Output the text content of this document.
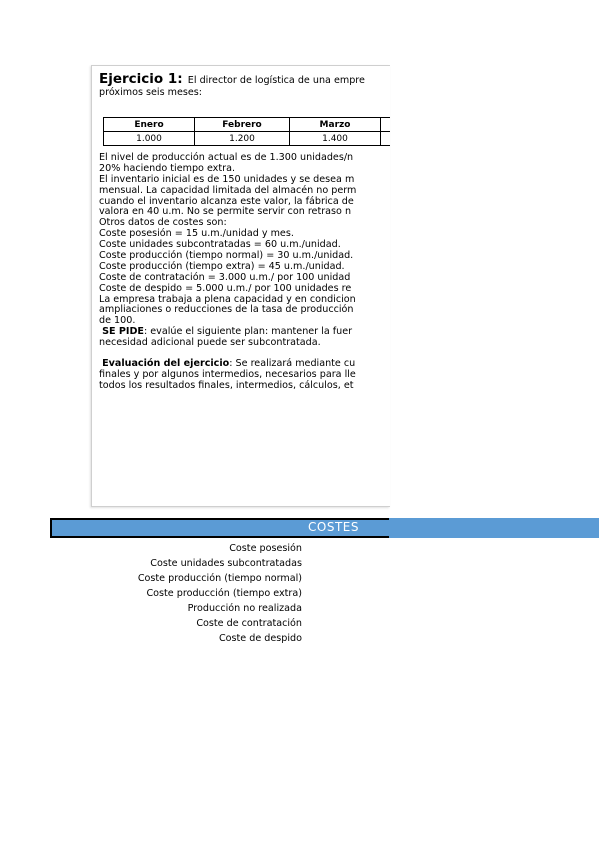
Ejercicio 1: El director de logística de una empre
próximos seis meses:
Enero	Febrero	Marzo	
1.000	1.200	1.400	
El nivel de producción actual es de 1.300 unidades/n
20% haciendo tiempo extra.
El inventario inicial es de 150 unidades y se desea m
mensual. La capacidad limitada del almacén no perm
cuando el inventario alcanza este valor, la fábrica de
valora en 40 u.m. No se permite servir con retraso n
Otros datos de costes son:
Coste posesión = 15 u.m./unidad y mes.
Coste unidades subcontratadas = 60 u.m./unidad.
Coste producción (tiempo normal) = 30 u.m./unidad.
Coste producción (tiempo extra) = 45 u.m./unidad.
Coste de contratación = 3.000 u.m./ por 100 unidad
Coste de despido = 5.000 u.m./ por 100 unidades re
La empresa trabaja a plena capacidad y en condicion
ampliaciones o reducciones de la tasa de producción
de 100.
SE PIDE: evalúe el siguiente plan: mantener la fuer
necesidad adicional puede ser subcontratada.
Evaluación del ejercicio: Se realizará mediante cu
finales y por algunos intermedios, necesarios para lle
todos los resultados finales, intermedios, cálculos, et
COSTES
Coste posesión
Coste unidades subcontratadas
Coste producción (tiempo normal)
Coste producción (tiempo extra)
Producción no realizada
Coste de contratación
Coste de despido
